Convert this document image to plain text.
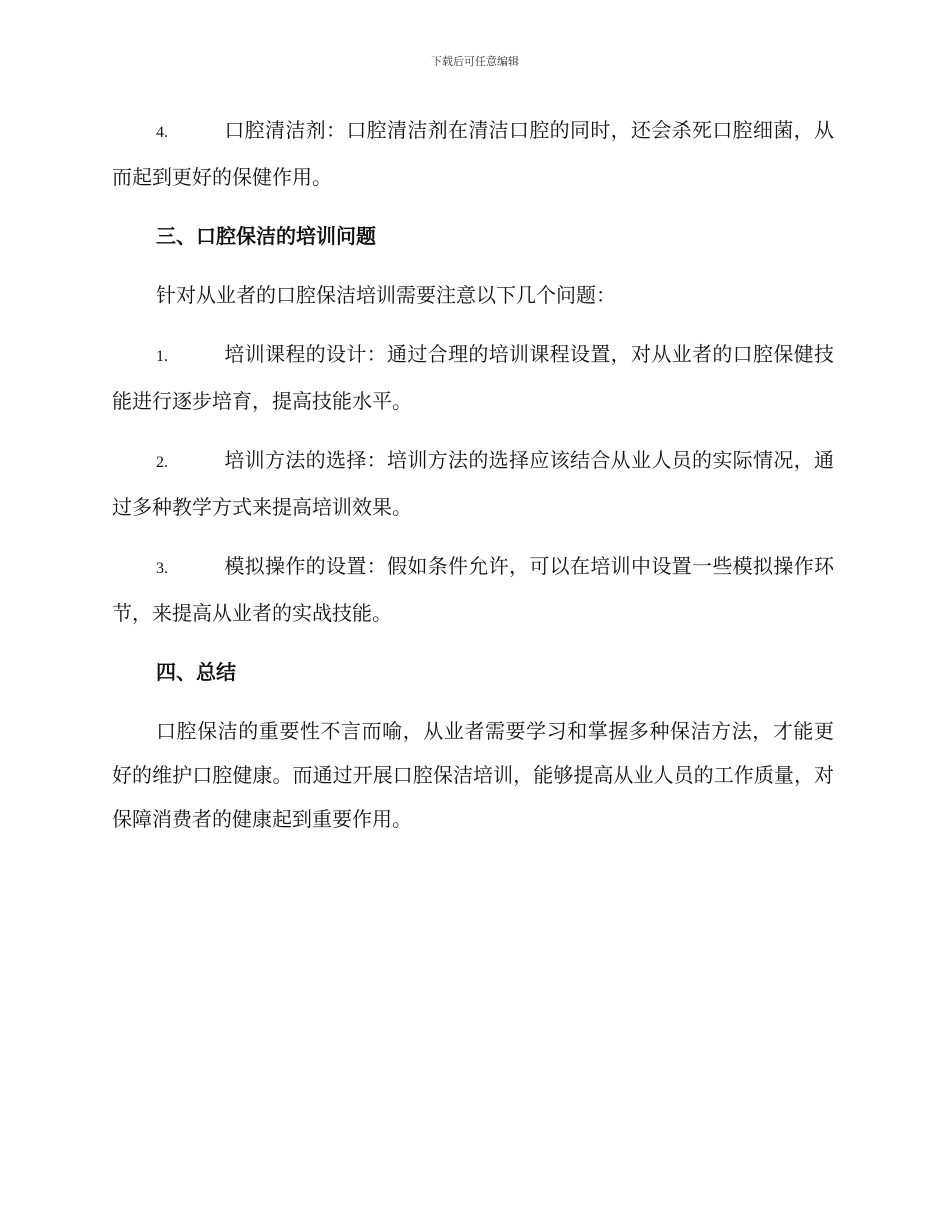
下载后可任意编辑

4.	口腔清洁剂：口腔清洁剂在清洁口腔的同时，还会杀死口腔细菌，从而起到更好的保健作用。

三、口腔保洁的培训问题

针对从业者的口腔保洁培训需要注意以下几个问题：

1.	培训课程的设计：通过合理的培训课程设置，对从业者的口腔保健技能进行逐步培育，提高技能水平。

2.	培训方法的选择：培训方法的选择应该结合从业人员的实际情况，通过多种教学方式来提高培训效果。

3.	模拟操作的设置：假如条件允许，可以在培训中设置一些模拟操作环节，来提高从业者的实战技能。

四、总结

口腔保洁的重要性不言而喻，从业者需要学习和掌握多种保洁方法，才能更好的维护口腔健康。而通过开展口腔保洁培训，能够提高从业人员的工作质量，对保障消费者的健康起到重要作用。
